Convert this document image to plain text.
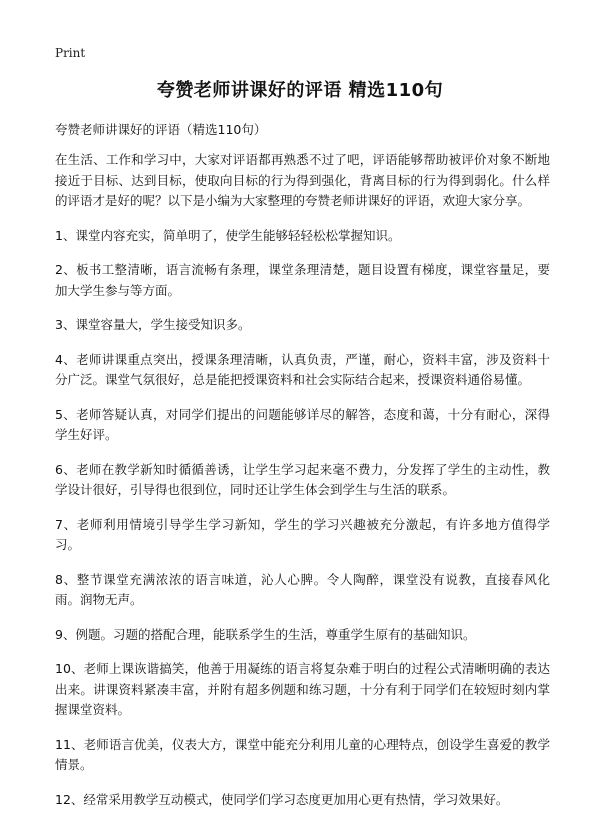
Print
夸赞老师讲课好的评语 精选110句

夸赞老师讲课好的评语（精选110句）

在生活、工作和学习中，大家对评语都再熟悉不过了吧，评语能够帮助被评价对象不断地接近于目标、达到目标，使取向目标的行为得到强化，背离目标的行为得到弱化。什么样的评语才是好的呢？以下是小编为大家整理的夸赞老师讲课好的评语，欢迎大家分享。

1、课堂内容充实，简单明了，使学生能够轻轻松松掌握知识。

2、板书工整清晰，语言流畅有条理，课堂条理清楚，题目设置有梯度，课堂容量足，要加大学生参与等方面。

3、课堂容量大，学生接受知识多。

4、老师讲课重点突出，授课条理清晰，认真负责，严谨，耐心，资料丰富，涉及资料十分广泛。课堂气氛很好，总是能把授课资料和社会实际结合起来，授课资料通俗易懂。

5、老师答疑认真，对同学们提出的问题能够详尽的解答，态度和蔼，十分有耐心，深得学生好评。

6、老师在教学新知时循循善诱，让学生学习起来毫不费力，分发挥了学生的主动性，教学设计很好，引导得也很到位，同时还让学生体会到学生与生活的联系。

7、老师利用情境引导学生学习新知，学生的学习兴趣被充分激起，有许多地方值得学习。

8、整节课堂充满浓浓的语言味道，沁人心脾。令人陶醉，课堂没有说教，直接春风化雨。润物无声。

9、例题。习题的搭配合理，能联系学生的生活，尊重学生原有的基础知识。

10、老师上课诙谐搞笑，他善于用凝练的语言将复杂难于明白的过程公式清晰明确的表达出来。讲课资料紧凑丰富，并附有超多例题和练习题，十分有利于同学们在较短时刻内掌握课堂资料。

11、老师语言优美，仪表大方，课堂中能充分利用儿童的心理特点，创设学生喜爱的教学情景。

12、经常采用教学互动模式，使同学们学习态度更加用心更有热情，学习效果好。
